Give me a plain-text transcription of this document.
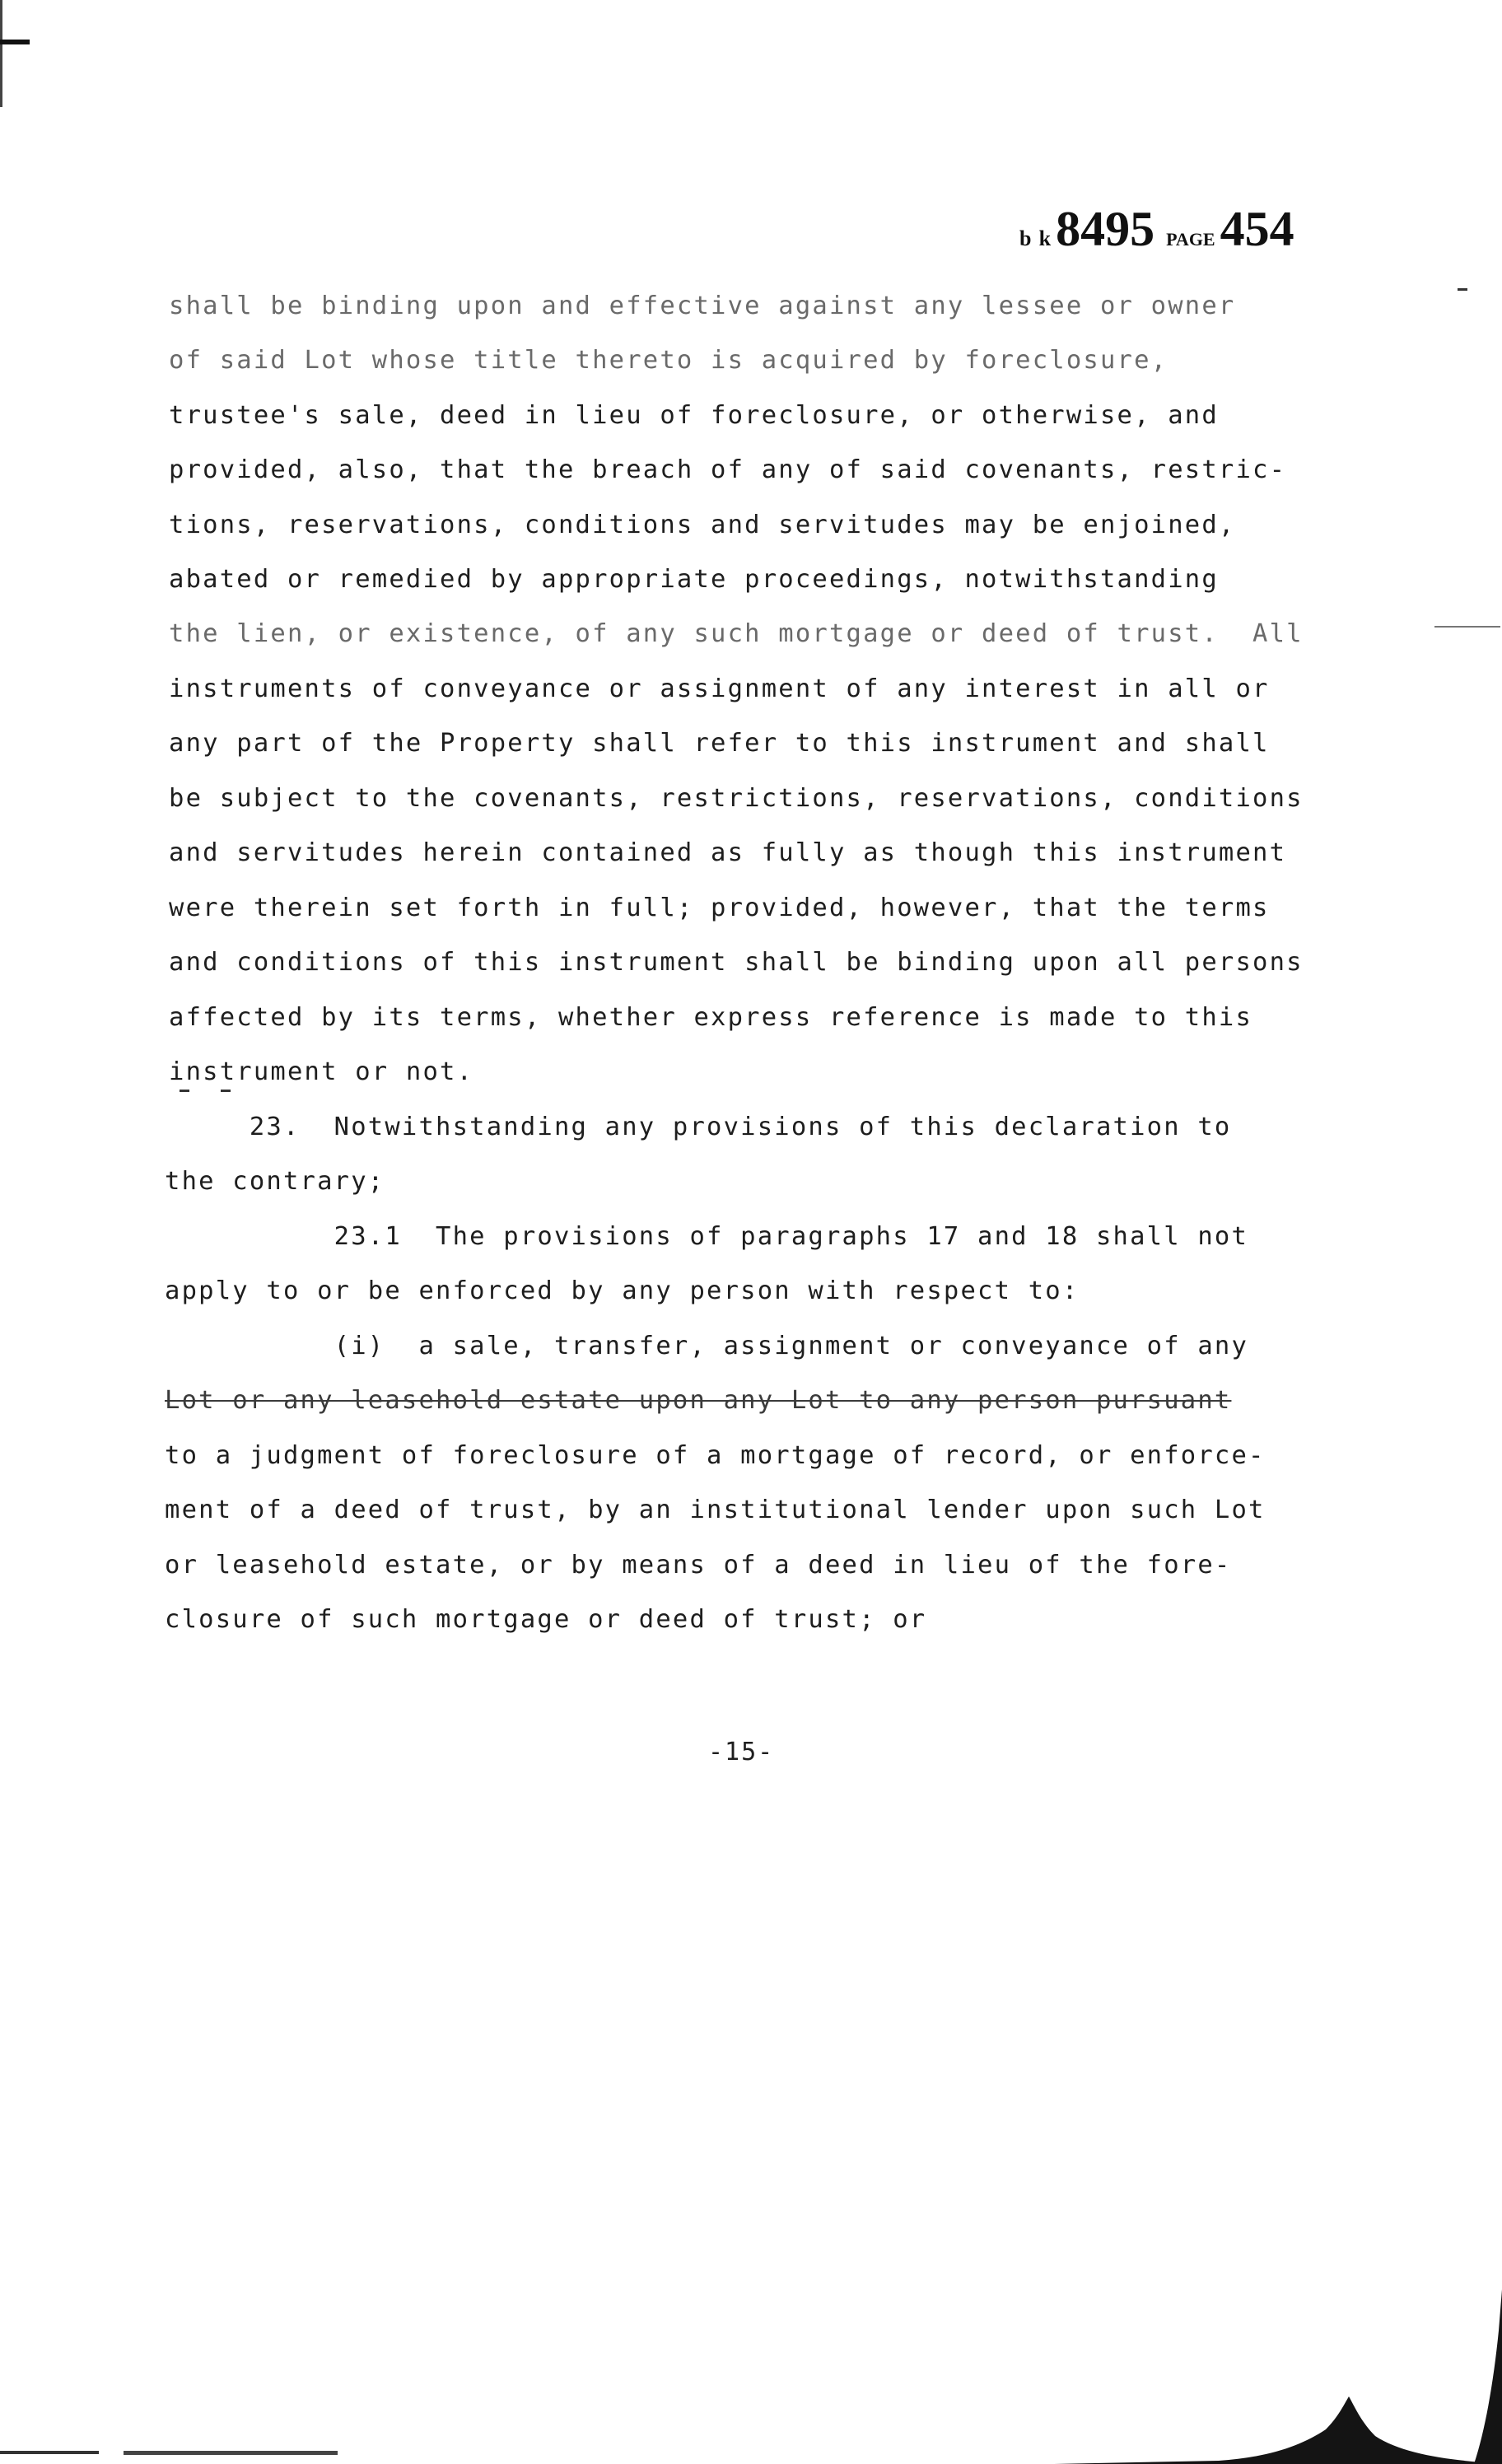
b k8495 PAGE 454
shall be binding upon and effective against any lessee or owner
of said Lot whose title thereto is acquired by foreclosure,
trustee's sale, deed in lieu of foreclosure, or otherwise, and
provided, also, that the breach of any of said covenants, restric-
tions, reservations, conditions and servitudes may be enjoined,
abated or remedied by appropriate proceedings, notwithstanding
the lien, or existence, of any such mortgage or deed of trust.  All
instruments of conveyance or assignment of any interest in all or
any part of the Property shall refer to this instrument and shall
be subject to the covenants, restrictions, reservations, conditions
and servitudes herein contained as fully as though this instrument
were therein set forth in full; provided, however, that the terms
and conditions of this instrument shall be binding upon all persons
affected by its terms, whether express reference is made to this
instrument or not.
23.  Notwithstanding any provisions of this declaration to
the contrary;
23.1  The provisions of paragraphs 17 and 18 shall not
apply to or be enforced by any person with respect to:
(i)  a sale, transfer, assignment or conveyance of any
Lot or any leasehold estate upon any Lot to any person pursuant
to a judgment of foreclosure of a mortgage of record, or enforce-
ment of a deed of trust, by an institutional lender upon such Lot
or leasehold estate, or by means of a deed in lieu of the fore-
closure of such mortgage or deed of trust; or
-15-
